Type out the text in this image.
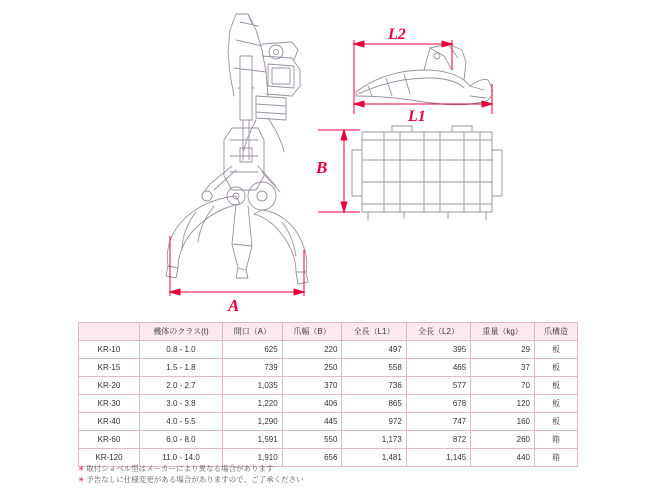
A
B
L1
L2
	機体のクラス(t)	開口（A）	爪幅（B）	全長（L1）	全長（L2）	重量（kg）	爪構造
KR-10	0.8 - 1.0	625	220	497	395	29	板
KR-15	1.5 - 1.8	739	250	558	465	37	板
KR-20	2.0 - 2.7	1,035	370	736	577	70	板
KR-30	3.0 - 3.8	1,220	406	865	678	120	板
KR-40	4.0 - 5.5	1,290	445	972	747	160	板
KR-60	6.0 - 8.0	1,591	550	1,173	872	260	箱
KR-120	11.0 - 14.0	1,910	656	1,481	1,145	440	箱
✳ 取付ショベル型はメーカーにより異なる場合があります
✳ 予告なしに仕様変更がある場合がありますので、ご了承ください
